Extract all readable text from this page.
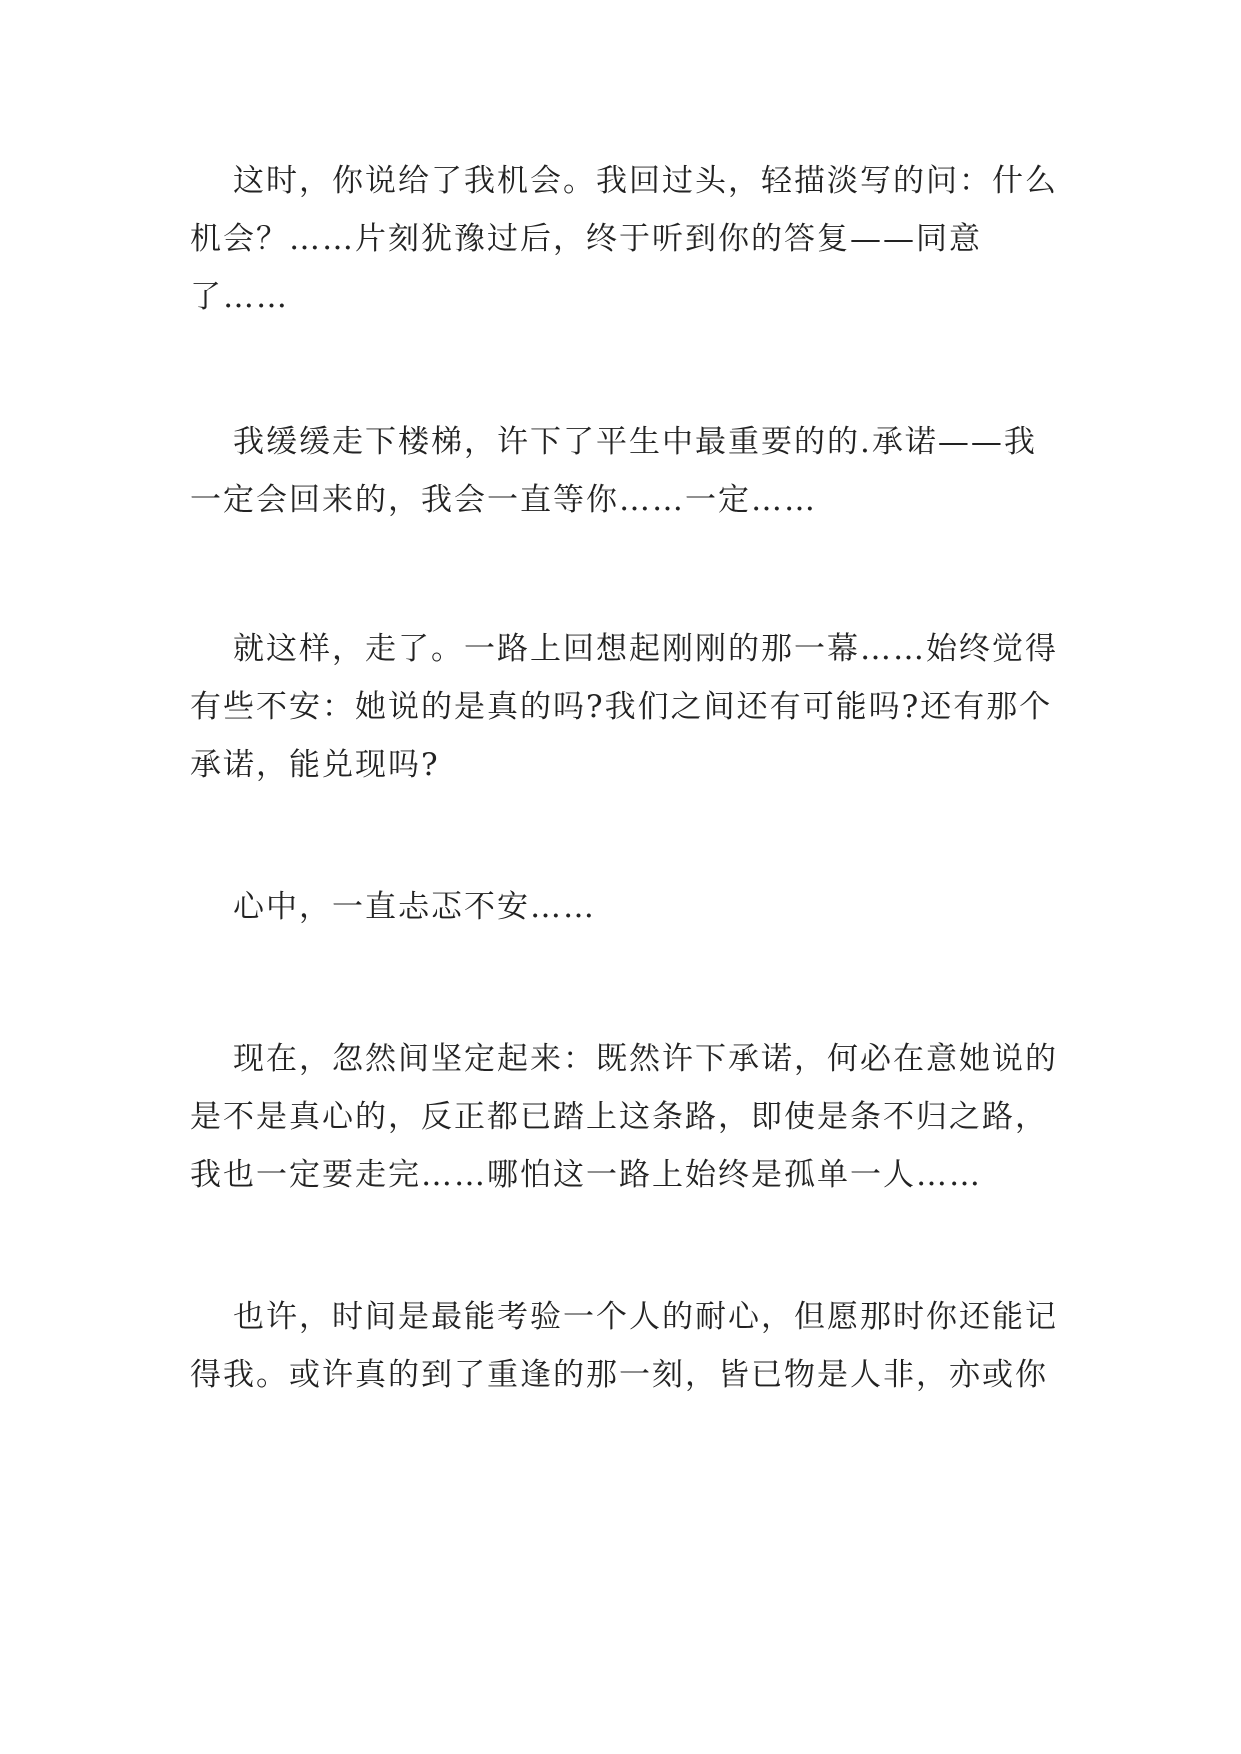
这时，你说给了我机会。我回过头，轻描淡写的问：什么
机会？……片刻犹豫过后，终于听到你的答复——同意
了……

我缓缓走下楼梯，许下了平生中最重要的的.承诺——我
一定会回来的，我会一直等你……一定……

就这样，走了。一路上回想起刚刚的那一幕……始终觉得
有些不安：她说的是真的吗?我们之间还有可能吗?还有那个
承诺，能兑现吗?

心中，一直忐忑不安……

现在，忽然间坚定起来：既然许下承诺，何必在意她说的
是不是真心的，反正都已踏上这条路，即使是条不归之路，
我也一定要走完……哪怕这一路上始终是孤单一人……

也许，时间是最能考验一个人的耐心，但愿那时你还能记
得我。或许真的到了重逢的那一刻，皆已物是人非，亦或你
